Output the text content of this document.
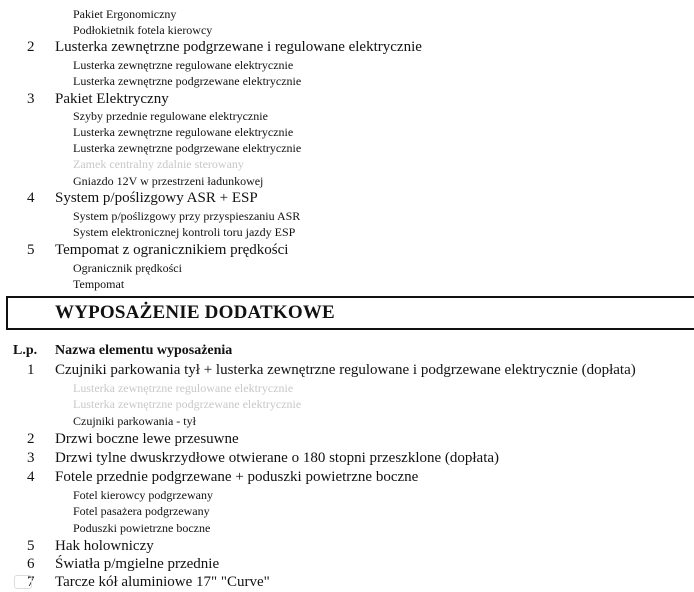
Pakiet Ergonomiczny
Podłokietnik fotela kierowcy
2 Lusterka zewnętrzne podgrzewane i regulowane elektrycznie
Lusterka zewnętrzne regulowane elektrycznie
Lusterka zewnętrzne podgrzewane elektrycznie
3 Pakiet Elektryczny
Szyby przednie regulowane elektrycznie
Lusterka zewnętrzne regulowane elektrycznie
Lusterka zewnętrzne podgrzewane elektrycznie
Zamek centralny zdalnie sterowany
Gniazdo 12V w przestrzeni ładunkowej
4 System p/poślizgowy ASR + ESP
System p/poślizgowy przy przyspieszaniu ASR
System elektronicznej kontroli toru jazdy ESP
5 Tempomat z ogranicznikiem prędkości
Ogranicznik prędkości
Tempomat
WYPOSAŻENIE DODATKOWE
L.p. Nazwa elementu wyposażenia
1 Czujniki parkowania tył + lusterka zewnętrzne regulowane i podgrzewane elektrycznie (dopłata)
Lusterka zewnętrzne regulowane elektrycznie
Lusterka zewnętrzne podgrzewane elektrycznie
Czujniki parkowania - tył
2 Drzwi boczne lewe przesuwne
3 Drzwi tylne dwuskrzydłowe otwierane o 180 stopni przeszklone (dopłata)
4 Fotele przednie podgrzewane + poduszki powietrzne boczne
Fotel kierowcy podgrzewany
Fotel pasażera podgrzewany
Poduszki powietrzne boczne
5 Hak holowniczy
6 Światła p/mgielne przednie
7 Tarcze kół aluminiowe 17" "Curve"
